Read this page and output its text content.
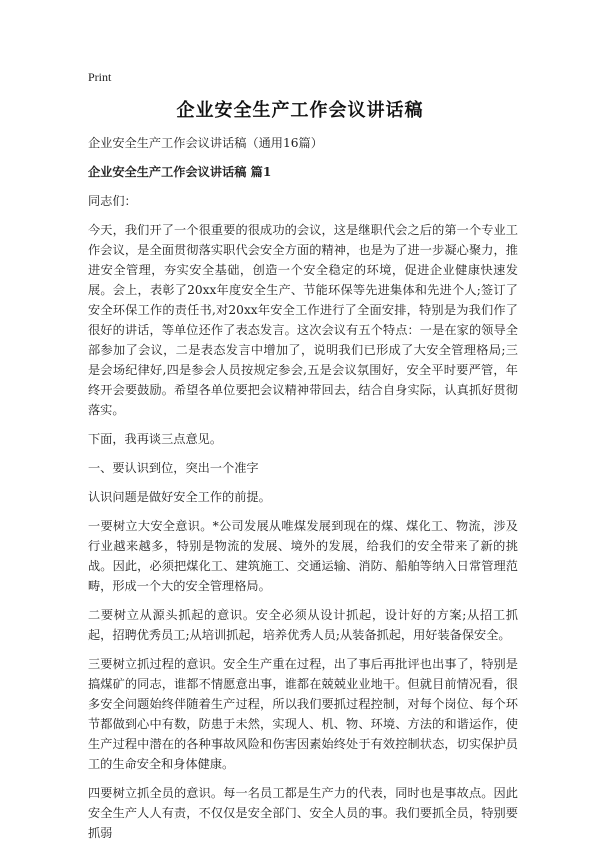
Print
企业安全生产工作会议讲话稿

企业安全生产工作会议讲话稿（通用16篇）

企业安全生产工作会议讲话稿 篇1

同志们：

今天，我们开了一个很重要的很成功的会议，这是继职代会之后的第一个专业工作会议，是全面贯彻落实职代会安全方面的精神，也是为了进一步凝心聚力，推进安全管理，夯实安全基础，创造一个安全稳定的环境，促进企业健康快速发展。会上，表彰了20xx年度安全生产、节能环保等先进集体和先进个人;签订了安全环保工作的责任书,对20xx年安全工作进行了全面安排，特别是为我们作了很好的讲话，等单位还作了表态发言。这次会议有五个特点：一是在家的领导全部参加了会议，二是表态发言中增加了，说明我们已形成了大安全管理格局;三是会场纪律好,四是参会人员按规定参会,五是会议氛围好，安全平时要严管，年终开会要鼓励。希望各单位要把会议精神带回去，结合自身实际，认真抓好贯彻落实。

下面，我再谈三点意见。

一、要认识到位，突出一个准字

认识问题是做好安全工作的前提。

一要树立大安全意识。*公司发展从唯煤发展到现在的煤、煤化工、物流，涉及行业越来越多，特别是物流的发展、境外的发展，给我们的安全带来了新的挑战。因此，必须把煤化工、建筑施工、交通运输、消防、船舶等纳入日常管理范畴，形成一个大的安全管理格局。

二要树立从源头抓起的意识。安全必须从设计抓起，设计好的方案;从招工抓起，招聘优秀员工;从培训抓起，培养优秀人员;从装备抓起，用好装备保安全。

三要树立抓过程的意识。安全生产重在过程，出了事后再批评也出事了，特别是搞煤矿的同志，谁都不情愿意出事，谁都在兢兢业业地干。但就目前情况看，很多安全问题始终伴随着生产过程，所以我们要抓过程控制，对每个岗位、每个环节都做到心中有数，防患于未然，实现人、机、物、环境、方法的和谐运作，使生产过程中潜在的各种事故风险和伤害因素始终处于有效控制状态，切实保护员工的生命安全和身体健康。

四要树立抓全员的意识。每一名员工都是生产力的代表，同时也是事故点。因此安全生产人人有责，不仅仅是安全部门、安全人员的事。我们要抓全员，特别要抓弱
